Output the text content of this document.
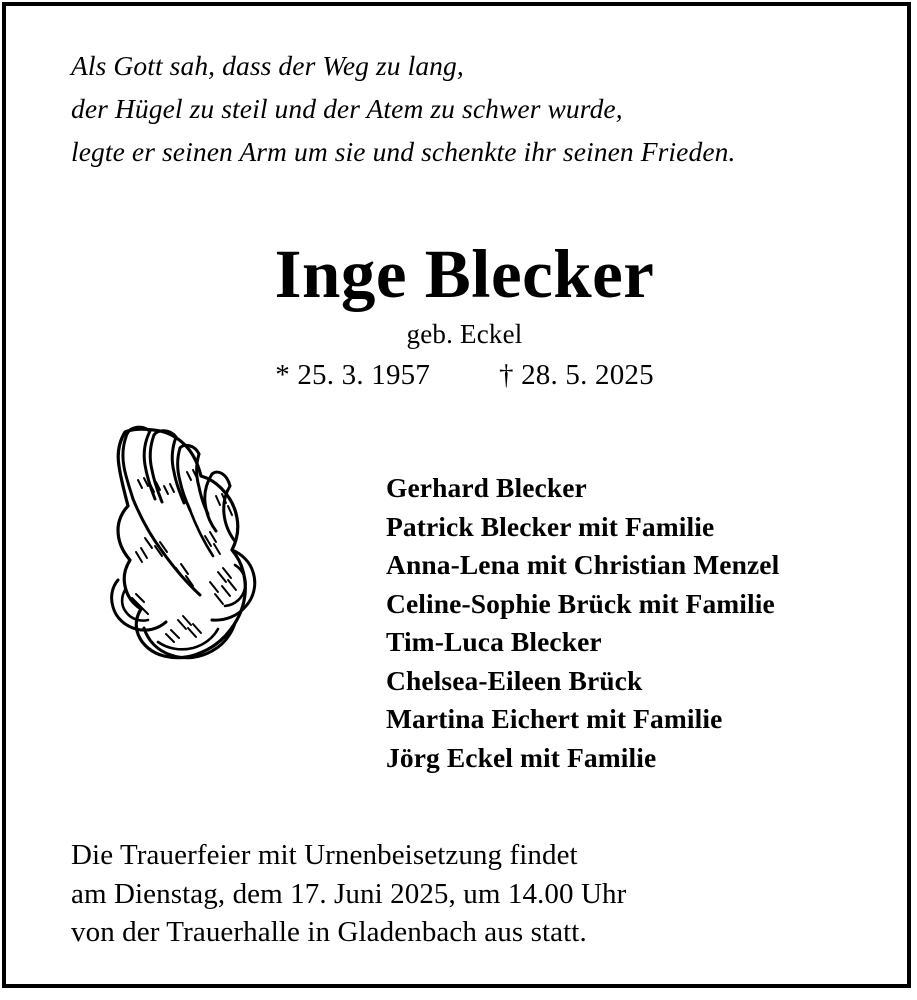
Als Gott sah, dass der Weg zu lang,
der Hügel zu steil und der Atem zu schwer wurde,
legte er seinen Arm um sie und schenkte ihr seinen Frieden.
Inge Blecker
geb. Eckel
* 25. 3. 1957 † 28. 5. 2025
Gerhard Blecker
Patrick Blecker mit Familie
Anna-Lena mit Christian Menzel
Celine-Sophie Brück mit Familie
Tim-Luca Blecker
Chelsea-Eileen Brück
Martina Eichert mit Familie
Jörg Eckel mit Familie
Die Trauerfeier mit Urnenbeisetzung findet
am Dienstag, dem 17. Juni 2025, um 14.00 Uhr
von der Trauerhalle in Gladenbach aus statt.
